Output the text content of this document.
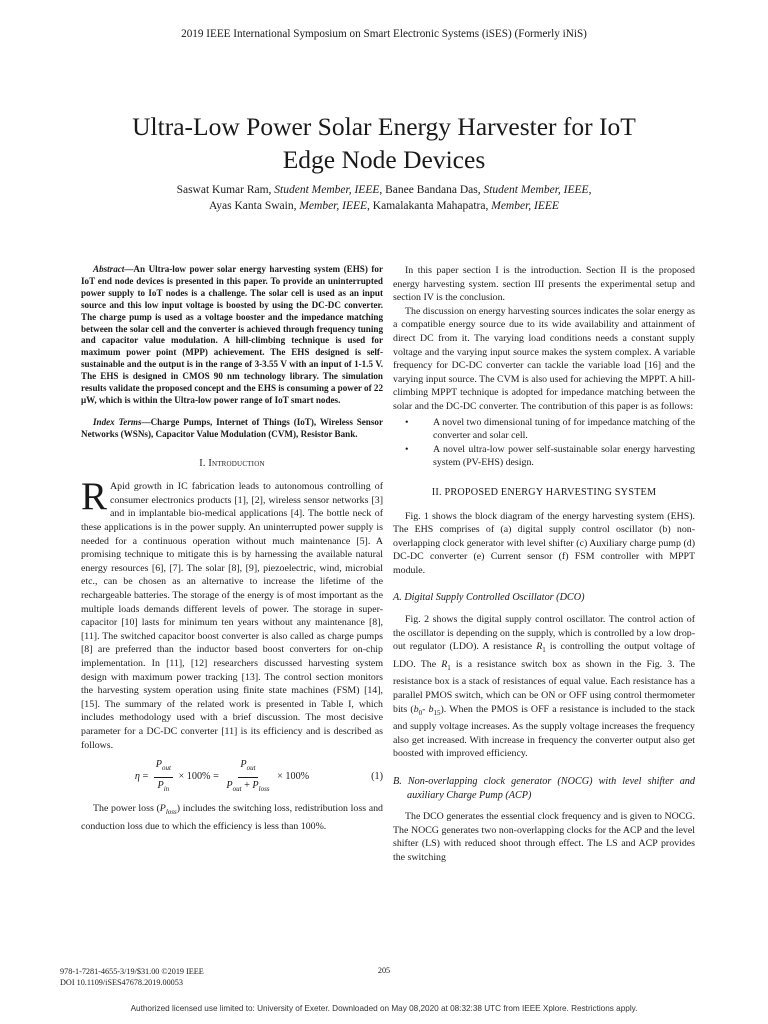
2019 IEEE International Symposium on Smart Electronic Systems (iSES) (Formerly iNiS)
Ultra-Low Power Solar Energy Harvester for IoT
Edge Node Devices
Saswat Kumar Ram, Student Member, IEEE, Banee Bandana Das, Student Member, IEEE,
Ayas Kanta Swain, Member, IEEE, Kamalakanta Mahapatra, Member, IEEE

Abstract—An Ultra-low power solar energy harvesting system (EHS) for IoT end node devices is presented in this paper. To provide an uninterrupted power supply to IoT nodes is a challenge. The solar cell is used as an input source and this low input voltage is boosted by using the DC-DC converter. The charge pump is used as a voltage booster and the impedance matching between the solar cell and the converter is achieved through frequency tuning and capacitor value modulation. A hill-climbing technique is used for maximum power point (MPP) achievement. The EHS designed is self-sustainable and the output is in the range of 3-3.55 V with an input of 1-1.5 V. The EHS is designed in CMOS 90 nm technology library. The simulation results validate the proposed concept and the EHS is consuming a power of 22 μW, which is within the Ultra-low power range of IoT smart nodes.

Index Terms—Charge Pumps, Internet of Things (IoT), Wireless Sensor Networks (WSNs), Capacitor Value Modulation (CVM), Resistor Bank.

I. Introduction

R Apid growth in IC fabrication leads to autonomous controlling of consumer electronics products [1], [2], wireless sensor networks [3] and in implantable bio-medical applications [4]. The bottle neck of these applications is in the power supply. An uninterrupted power supply is needed for a continuous operation without much maintenance [5]. A promising technique to mitigate this is by harnessing the available natural energy resources [6], [7]. The solar [8], [9], piezoelectric, wind, microbial etc., can be chosen as an alternative to increase the lifetime of the rechargeable batteries. The storage of the energy is of most important as the multiple loads demands different levels of power. The storage in super-capacitor [10] lasts for minimum ten years without any maintenance [8], [11]. The switched capacitor boost converter is also called as charge pumps [8] are preferred than the inductor based boost converters for on-chip implementation. In [11], [12] researchers discussed harvesting system design with maximum power tracking [13]. The control section monitors the harvesting system operation using finite state machines (FSM) [14], [15]. The summary of the related work is presented in Table I, which includes methodology used with a brief discussion. The most decisive parameter for a DC-DC converter [11] is its efficiency and is described as follows.

$\eta = \frac{P_{out}}{P_{in}} \times 100\% = \frac{P_{out}}{P_{out} + P_{loss}} \times 100\%$	(1)

The power loss $(P_{loss})$ includes the switching loss, redistribution loss and conduction loss due to which the efficiency is less than 100%.

In this paper section I is the introduction. Section II is the proposed energy harvesting system. section III presents the experimental setup and section IV is the conclusion.

The discussion on energy harvesting sources indicates the solar energy as a compatible energy source due to its wide availability and attainment of direct DC from it. The varying load conditions needs a constant supply voltage and the varying input source makes the system complex. A variable frequency for DC-DC converter can tackle the variable load [16] and the varying input source. The CVM is also used for achieving the MPPT. A hill-climbing MPPT technique is adopted for impedance matching between the solar and the DC-DC converter. The contribution of this paper is as follows:

• A novel two dimensional tuning of for impedance matching of the converter and solar cell.
• A novel ultra-low power self-sustainable solar energy harvesting system (PV-EHS) design.
II. PROPOSED ENERGY HARVESTING SYSTEM

Fig. 1 shows the block diagram of the energy harvesting system (EHS). The EHS comprises of (a) digital supply control oscillator (b) non-overlapping clock generator with level shifter (c) Auxiliary charge pump (d) DC-DC converter (e) Current sensor (f) FSM controller with MPPT module.

A. Digital Supply Controlled Oscillator (DCO)

Fig. 2 shows the digital supply control oscillator. The control action of the oscillator is depending on the supply, which is controlled by a low drop-out regulator (LDO). A resistance $R_1$ is controlling the output voltage of LDO. The $R_1$ is a resistance switch box as shown in the Fig. 3. The resistance box is a stack of resistances of equal value. Each resistance has a parallel PMOS switch, which can be ON or OFF using control thermometer bits ($b_0-$ $b_{15}$). When the PMOS is OFF a resistance is included to the stack and supply voltage increases. As the supply voltage increases the frequency also get increased. With increase in frequency the converter output also get boosted with improved efficiency.

B. Non-overlapping clock generator (NOCG) with level shifter and auxiliary Charge Pump (ACP)

The DCO generates the essential clock frequency and is given to NOCG. The NOCG generates two non-overlapping clocks for the ACP and the level shifter (LS) with reduced shoot through effect. The LS and ACP provides the switching

978-1-7281-4655-3/19/$31.00 ©2019 IEEE
DOI 10.1109/iSES47678.2019.00053
205
Authorized licensed use limited to: University of Exeter. Downloaded on May 08,2020 at 08:32:38 UTC from IEEE Xplore. Restrictions apply.
